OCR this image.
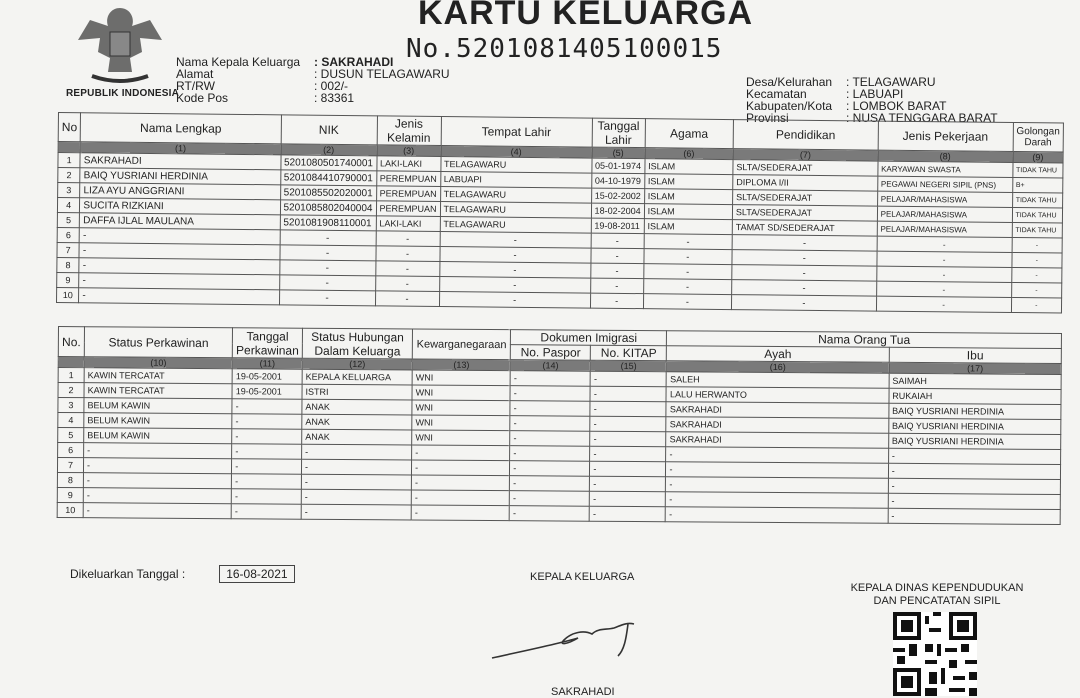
REPUBLIK INDONESIA
KARTU KELUARGA
No.5201081405100015
Nama Kepala Keluarga	: SAKRAHADI
Alamat	: DUSUN TELAGAWARU
RT/RW	: 002/-
Kode Pos	: 83361
Desa/Kelurahan	: TELAGAWARU
Kecamatan	: LABUAPI
Kabupaten/Kota	: LOMBOK BARAT
Provinsi	: NUSA TENGGARA BARAT
No	Nama Lengkap	NIK	Jenis Kelamin	Tempat Lahir	Tanggal Lahir	Agama	Pendidikan	Jenis Pekerjaan	Golongan Darah
	(1)	(2)	(3)	(4)	(5)	(6)	(7)	(8)	(9)
1	SAKRAHADI	5201080501740001	LAKI-LAKI	TELAGAWARU	05-01-1974	ISLAM	SLTA/SEDERAJAT	KARYAWAN SWASTA	TIDAK TAHU
2	BAIQ YUSRIANI HERDINIA	5201084410790001	PEREMPUAN	LABUAPI	04-10-1979	ISLAM	DIPLOMA I/II	PEGAWAI NEGERI SIPIL (PNS)	B+
3	LIZA AYU ANGGRIANI	5201085502020001	PEREMPUAN	TELAGAWARU	15-02-2002	ISLAM	SLTA/SEDERAJAT	PELAJAR/MAHASISWA	TIDAK TAHU
4	SUCITA RIZKIANI	5201085802040004	PEREMPUAN	TELAGAWARU	18-02-2004	ISLAM	SLTA/SEDERAJAT	PELAJAR/MAHASISWA	TIDAK TAHU
5	DAFFA IJLAL MAULANA	5201081908110001	LAKI-LAKI	TELAGAWARU	19-08-2011	ISLAM	TAMAT SD/SEDERAJAT	PELAJAR/MAHASISWA	TIDAK TAHU
6	-	-	-	-	-	-	-	-	-
7	-	-	-	-	-	-	-	-	-
8	-	-	-	-	-	-	-	-	-
9	-	-	-	-	-	-	-	-	-
10	-	-	-	-	-	-	-	-	-
No.	Status Perkawinan	Tanggal Perkawinan	Status Hubungan Dalam Keluarga	Kewarganegaraan	Dokumen Imigrasi		Nama Orang Tua	
					No. Paspor	No. KITAP	Ayah	Ibu
	(10)	(11)	(12)	(13)	(14)	(15)	(16)	(17)
1	KAWIN TERCATAT	19-05-2001	KEPALA KELUARGA	WNI	-	-	SALEH	SAIMAH
2	KAWIN TERCATAT	19-05-2001	ISTRI	WNI	-	-	LALU HERWANTO	RUKAIAH
3	BELUM KAWIN	-	ANAK	WNI	-	-	SAKRAHADI	BAIQ YUSRIANI HERDINIA
4	BELUM KAWIN	-	ANAK	WNI	-	-	SAKRAHADI	BAIQ YUSRIANI HERDINIA
5	BELUM KAWIN	-	ANAK	WNI	-	-	SAKRAHADI	BAIQ YUSRIANI HERDINIA
6	-	-	-	-	-	-	-	-
7	-	-	-	-	-	-	-	-
8	-	-	-	-	-	-	-	-
9	-	-	-	-	-	-	-	-
10	-	-	-	-	-	-	-	-
Dikeluarkan Tanggal :	16-08-2021	KEPALA KELUARGA
KEPALA DINAS KEPENDUDUKAN DAN PENCATATAN SIPIL
SAKRAHADI
